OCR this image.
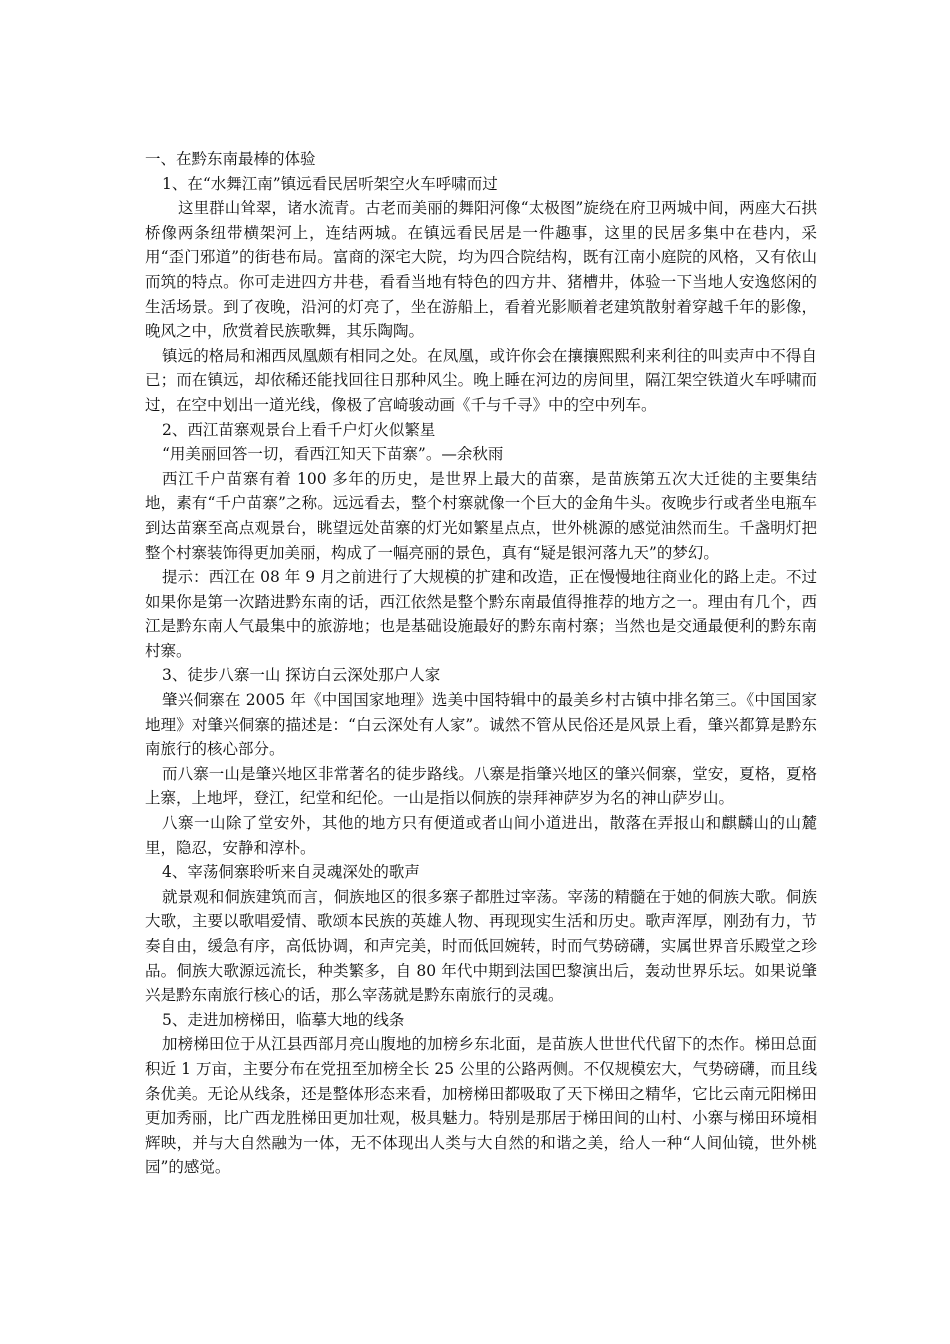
一、在黔东南最棒的体验

1、在“水舞江南”镇远看民居听架空火车呼啸而过

这里群山耸翠，诸水流青。古老而美丽的舞阳河像“太极图”旋绕在府卫两城中间，两座大石拱桥像两条纽带横架河上，连结两城。在镇远看民居是一件趣事，这里的民居多集中在巷内，采用“歪门邪道”的街巷布局。富商的深宅大院，均为四合院结构，既有江南小庭院的风格，又有依山而筑的特点。你可走进四方井巷，看看当地有特色的四方井、猪槽井，体验一下当地人安逸悠闲的生活场景。到了夜晚，沿河的灯亮了，坐在游船上，看着光影顺着老建筑散射着穿越千年的影像，晚风之中，欣赏着民族歌舞，其乐陶陶。

镇远的格局和湘西凤凰颇有相同之处。在凤凰，或许你会在攘攘熙熙利来利往的叫卖声中不得自已；而在镇远，却依稀还能找回往日那种风尘。晚上睡在河边的房间里，隔江架空铁道火车呼啸而过，在空中划出一道光线，像极了宫崎骏动画《千与千寻》中的空中列车。

2、西江苗寨观景台上看千户灯火似繁星

“用美丽回答一切，看西江知天下苗寨”。—余秋雨

西江千户苗寨有着 100 多年的历史，是世界上最大的苗寨，是苗族第五次大迁徙的主要集结地，素有“千户苗寨”之称。远远看去，整个村寨就像一个巨大的金角牛头。夜晚步行或者坐电瓶车到达苗寨至高点观景台，眺望远处苗寨的灯光如繁星点点，世外桃源的感觉油然而生。千盏明灯把整个村寨装饰得更加美丽，构成了一幅亮丽的景色，真有“疑是银河落九天”的梦幻。

提示：西江在 08 年 9 月之前进行了大规模的扩建和改造，正在慢慢地往商业化的路上走。不过如果你是第一次踏进黔东南的话，西江依然是整个黔东南最值得推荐的地方之一。理由有几个，西江是黔东南人气最集中的旅游地；也是基础设施最好的黔东南村寨；当然也是交通最便利的黔东南村寨。

3、徒步八寨一山 探访白云深处那户人家

肇兴侗寨在 2005 年《中国国家地理》选美中国特辑中的最美乡村古镇中排名第三。《中国国家地理》对肇兴侗寨的描述是：“白云深处有人家”。诚然不管从民俗还是风景上看，肇兴都算是黔东南旅行的核心部分。

而八寨一山是肇兴地区非常著名的徒步路线。八寨是指肇兴地区的肇兴侗寨，堂安，夏格，夏格上寨，上地坪，登江，纪堂和纪伦。一山是指以侗族的崇拜神萨岁为名的神山萨岁山。

八寨一山除了堂安外，其他的地方只有便道或者山间小道进出，散落在弄报山和麒麟山的山麓里，隐忍，安静和淳朴。

4、宰荡侗寨聆听来自灵魂深处的歌声

就景观和侗族建筑而言，侗族地区的很多寨子都胜过宰荡。宰荡的精髓在于她的侗族大歌。侗族大歌，主要以歌唱爱情、歌颂本民族的英雄人物、再现现实生活和历史。歌声浑厚，刚劲有力，节奏自由，缓急有序，高低协调，和声完美，时而低回婉转，时而气势磅礴，实属世界音乐殿堂之珍品。侗族大歌源远流长，种类繁多，自 80 年代中期到法国巴黎演出后，轰动世界乐坛。如果说肇兴是黔东南旅行核心的话，那么宰荡就是黔东南旅行的灵魂。

5、走进加榜梯田，临摹大地的线条

加榜梯田位于从江县西部月亮山腹地的加榜乡东北面，是苗族人世世代代留下的杰作。梯田总面积近 1 万亩，主要分布在党扭至加榜全长 25 公里的公路两侧。不仅规模宏大，气势磅礴，而且线条优美。无论从线条，还是整体形态来看，加榜梯田都吸取了天下梯田之精华，它比云南元阳梯田更加秀丽，比广西龙胜梯田更加壮观，极具魅力。特别是那居于梯田间的山村、小寨与梯田环境相辉映，并与大自然融为一体，无不体现出人类与大自然的和谐之美，给人一种“人间仙镜，世外桃园”的感觉。
